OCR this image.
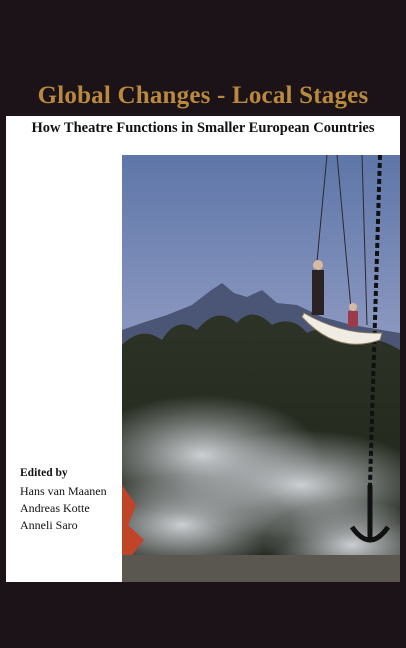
Global Changes - Local Stages
How Theatre Functions in Smaller European Countries
Edited by
Hans van Maanen
Andreas Kotte
Anneli Saro
